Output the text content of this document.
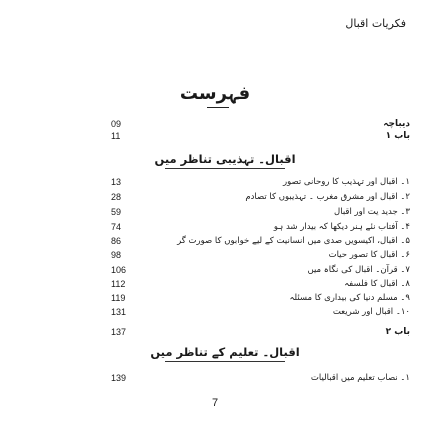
فکریات اقبال
فہرست
09	دیباچہ
11	باب ۱
اقبال۔ تہذیبی تناظر میں
13	۱۔ اقبال اور تہذیب کا روحانی تصور
28	۲۔ اقبال اور مشرق مغرب ۔ تہذیبوں کا تصادم
59	۳۔ جدید یت اور اقبال
74	۴۔ آفتاب نئے ہنر دیکھا کہ بیدار شد ہو
86	۵۔ اقبال، اکیسویں صدی میں انسانیت کے لیے خوابوں کا صورت گر
98	۶۔ اقبال کا تصور حیات
106	۷۔ قرآن۔ اقبال کی نگاہ میں
112	۸۔ اقبال کا فلسفہ
119	۹۔ مسلم دنیا کی بیداری کا مسئلہ
131	۱۰۔ اقبال اور شریعت
137	باب ۲
اقبال۔ تعلیم کے تناظر میں
139	۱۔ نصاب تعلیم میں اقبالیات
7
